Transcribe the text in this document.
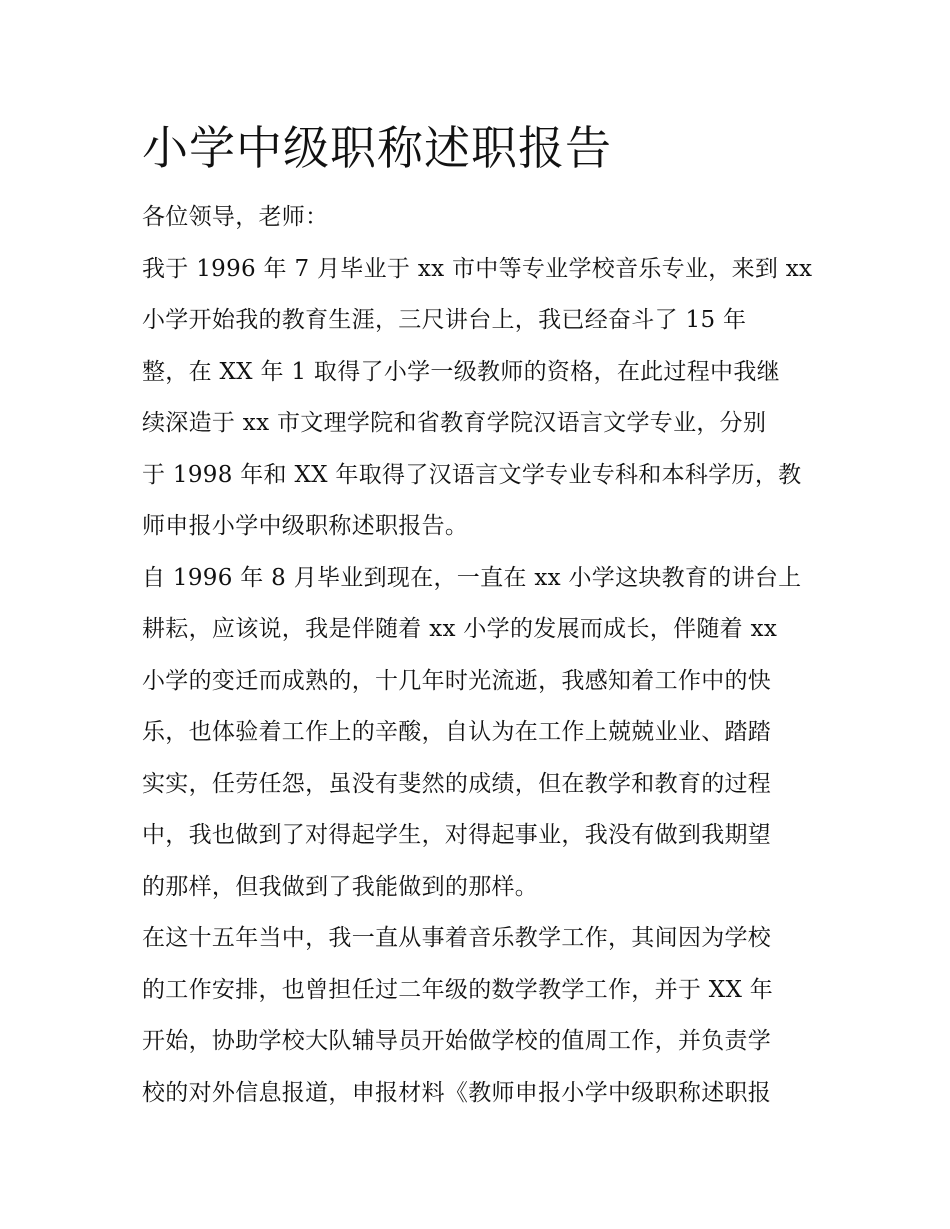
小学中级职称述职报告

各位领导，老师：

我于 1996 年 7 月毕业于 xx 市中等专业学校音乐专业，来到 xx

小学开始我的教育生涯，三尺讲台上，我已经奋斗了 15 年

整，在 XX 年 1 取得了小学一级教师的资格，在此过程中我继

续深造于 xx 市文理学院和省教育学院汉语言文学专业，分别

于 1998 年和 XX 年取得了汉语言文学专业专科和本科学历，教

师申报小学中级职称述职报告。

自 1996 年 8 月毕业到现在，一直在 xx 小学这块教育的讲台上

耕耘，应该说，我是伴随着 xx 小学的发展而成长，伴随着 xx

小学的变迁而成熟的，十几年时光流逝，我感知着工作中的快

乐，也体验着工作上的辛酸，自认为在工作上兢兢业业、踏踏

实实，任劳任怨，虽没有斐然的成绩，但在教学和教育的过程

中，我也做到了对得起学生，对得起事业，我没有做到我期望

的那样，但我做到了我能做到的那样。

在这十五年当中，我一直从事着音乐教学工作，其间因为学校

的工作安排，也曾担任过二年级的数学教学工作，并于 XX 年

开始，协助学校大队辅导员开始做学校的值周工作，并负责学

校的对外信息报道，申报材料《教师申报小学中级职称述职报
